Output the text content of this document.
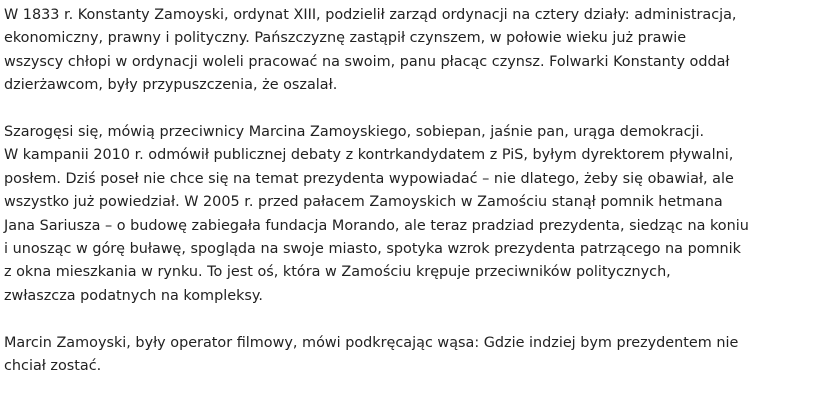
W 1833 r. Konstanty Zamoyski, ordynat XIII, podzielił zarząd ordynacji na cztery działy: administracja,
ekonomiczny, prawny i polityczny. Pańszczyznę zastąpił czynszem, w połowie wieku już prawie
wszyscy chłopi w ordynacji woleli pracować na swoim, panu płacąc czynsz. Folwarki Konstanty oddał
dzierżawcom, były przypuszczenia, że oszalał.

Szarogęsi się, mówią przeciwnicy Marcina Zamoyskiego, sobiepan, jaśnie pan, urąga demokracji.
W kampanii 2010 r. odmówił publicznej debaty z kontrkandydatem z PiS, byłym dyrektorem pływalni,
posłem. Dziś poseł nie chce się na temat prezydenta wypowiadać – nie dlatego, żeby się obawiał, ale
wszystko już powiedział. W 2005 r. przed pałacem Zamoyskich w Zamościu stanął pomnik hetmana
Jana Sariusza – o budowę zabiegała fundacja Morando, ale teraz pradziad prezydenta, siedząc na koniu
i unosząc w górę buławę, spogląda na swoje miasto, spotyka wzrok prezydenta patrzącego na pomnik
z okna mieszkania w rynku. To jest oś, która w Zamościu krępuje przeciwników politycznych,
zwłaszcza podatnych na kompleksy.

Marcin Zamoyski, były operator filmowy, mówi podkręcając wąsa: Gdzie indziej bym prezydentem nie
chciał zostać.
